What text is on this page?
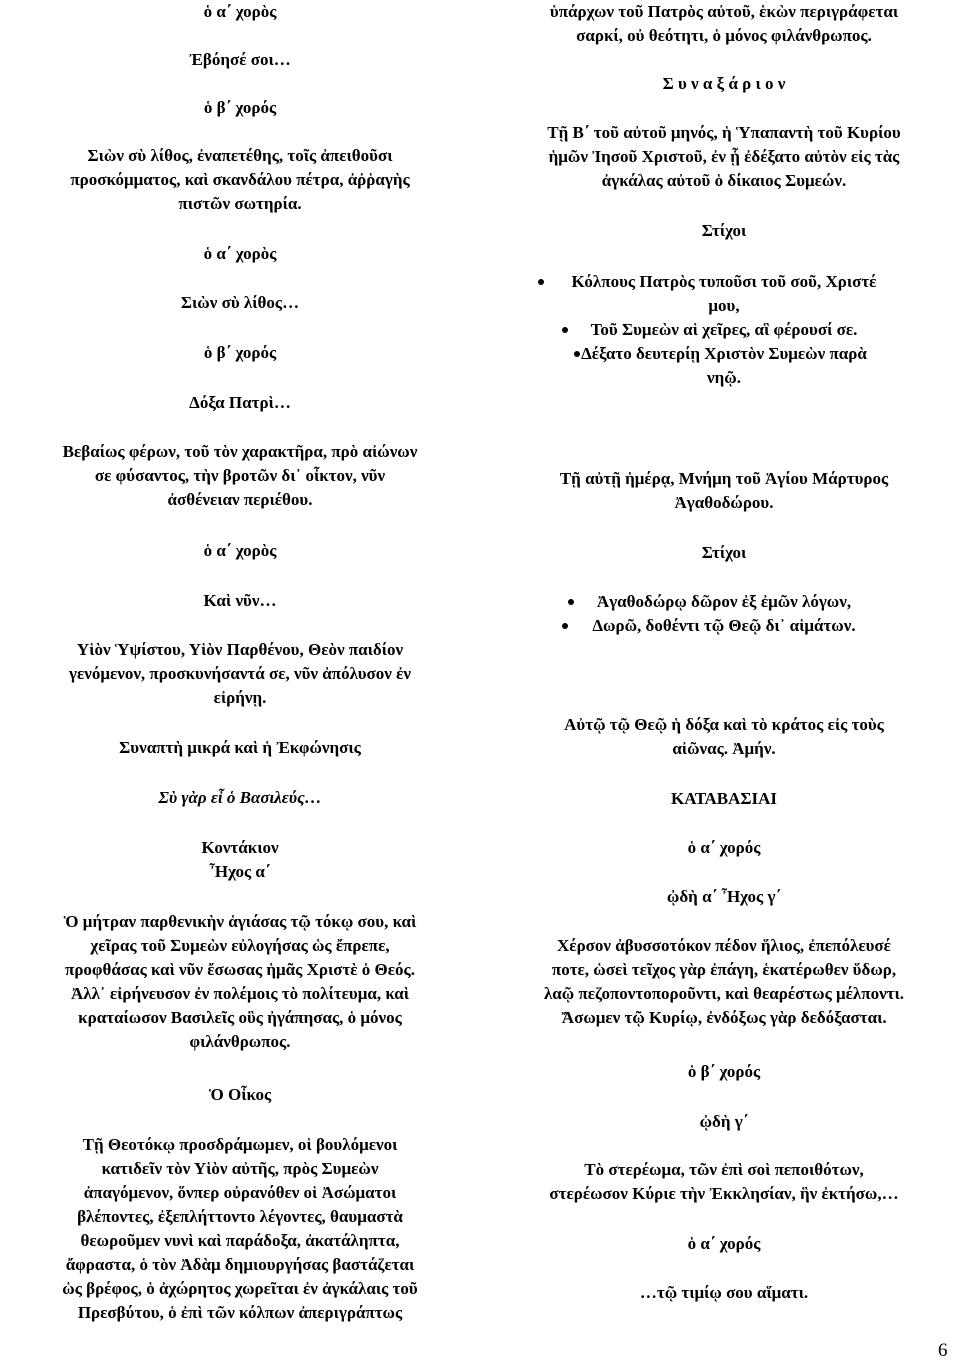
ὁ α΄ χορὸς

Ἐβόησέ σοι…

ὁ β΄ χορός

Σιὼν σὺ λίθος, ἐναπετέθης, τοῖς ἀπειθοῦσι

προσκόμματος, καὶ σκανδάλου πέτρα, ἀῤῥαγὴς

πιστῶν σωτηρία.

ὁ α΄ χορὸς

Σιὼν σὺ λίθος…

ὁ β΄ χορός

Δόξα Πατρὶ…

Βεβαίως φέρων, τοῦ τὸν χαρακτῆρα, πρὸ αἰώνων

σε φύσαντος, τὴν βροτῶν δι᾽ οἶκτον, νῦν

ἀσθένειαν περιέθου.

ὁ α΄ χορὸς

Καὶ νῦν…

Υἱὸν Ὑψίστου, Υἱὸν Παρθένου, Θεὸν παιδίον

γενόμενον, προσκυνήσαντά σε, νῦν ἀπόλυσον ἐν

εἰρήνῃ.

Συναπτὴ μικρά καὶ ἡ Ἐκφώνησις

Σὺ γὰρ εἶ ὁ Βασιλεύς…

Κοντάκιον

Ἦχος α΄

Ὁ μήτραν παρθενικὴν ἁγιάσας τῷ τόκῳ σου, καὶ

χεῖρας τοῦ Συμεὼν εὐλογήσας ὡς ἔπρεπε,

προφθάσας καὶ νῦν ἔσωσας ἡμᾶς Χριστὲ ὁ Θεός.

Ἀλλ᾽ εἰρήνευσον ἐν πολέμοις τὸ πολίτευμα, καὶ

κραταίωσον Βασιλεῖς οὓς ἠγάπησας, ὁ μόνος

φιλάνθρωπος.

Ὁ Οἶκος

Τῇ Θεοτόκῳ προσδράμωμεν, οἱ βουλόμενοι

κατιδεῖν τὸν Υἱὸν αὐτῆς, πρὸς Συμεὼν

ἀπαγόμενον, ὅνπερ οὐρανόθεν οἱ Ἀσώματοι

βλέποντες, ἐξεπλήττοντο λέγοντες, θαυμαστὰ

θεωροῦμεν νυνὶ καὶ παράδοξα, ἀκατάληπτα,

ἄφραστα, ὁ τὸν Ἀδὰμ δημιουργήσας βαστάζεται

ὡς βρέφος, ὁ ἀχώρητος χωρεῖται ἐν ἀγκάλαις τοῦ

Πρεσβύτου, ὁ ἐπὶ τῶν κόλπων ἀπεριγράπτως

ὑπάρχων τοῦ Πατρὸς αὐτοῦ, ἑκὼν περιγράφεται

σαρκί, οὐ θεότητι, ὁ μόνος φιλάνθρωπος.

Σ υ ν α ξ ά ρ ι ο ν

Τῇ Β΄ τοῦ αὐτοῦ μηνός, ἡ Ὑπαπαντὴ τοῦ Κυρίου

ἡμῶν Ἰησοῦ Χριστοῦ, ἐν ᾗ ἐδέξατο αὐτὸν εἰς τὰς

ἀγκάλας αὐτοῦ ὁ δίκαιος Συμεών.

Στίχοι

Κόλπους Πατρὸς τυποῦσι τοῦ σοῦ, Χριστέ
μου,
Τοῦ Συμεὼν αἱ χεῖρες, αἳ φέρουσί σε.
Δέξατο δευτερίῃ Χριστὸν Συμεὼν παρὰ
νηῷ.

Τῇ αὐτῇ ἡμέρᾳ, Μνήμη τοῦ Ἁγίου Μάρτυρος

Ἀγαθοδώρου.

Στίχοι

Ἀγαθοδώρῳ δῶρον ἐξ ἐμῶν λόγων,
Δωρῶ, δοθέντι τῷ Θεῷ δι᾽ αἱμάτων.

Αὐτῷ τῷ Θεῷ ἡ δόξα καὶ τὸ κράτος εἰς τοὺς

αἰῶνας. Ἀμήν.

ΚΑΤΑΒΑΣΙΑΙ

ὁ α΄ χορός

ᾠδὴ α΄ Ἦχος γ΄

Χέρσον ἀβυσσοτόκον πέδον ἥλιος, ἐπεπόλευσέ

ποτε, ὡσεὶ τεῖχος γὰρ ἐπάγη, ἑκατέρωθεν ὕδωρ,

λαῷ πεζοποντοποροῦντι, καὶ θεαρέστως μέλποντι.

Ἄσωμεν τῷ Κυρίῳ, ἐνδόξως γὰρ δεδόξασται.

ὁ β΄ χορός

ᾠδὴ γ΄

Τὸ στερέωμα, τῶν ἐπὶ σοὶ πεποιθότων,

στερέωσον Κύριε τὴν Ἐκκλησίαν, ἣν ἐκτήσω,…

ὁ α΄ χορός

…τῷ τιμίῳ σου αἵματι.

6
